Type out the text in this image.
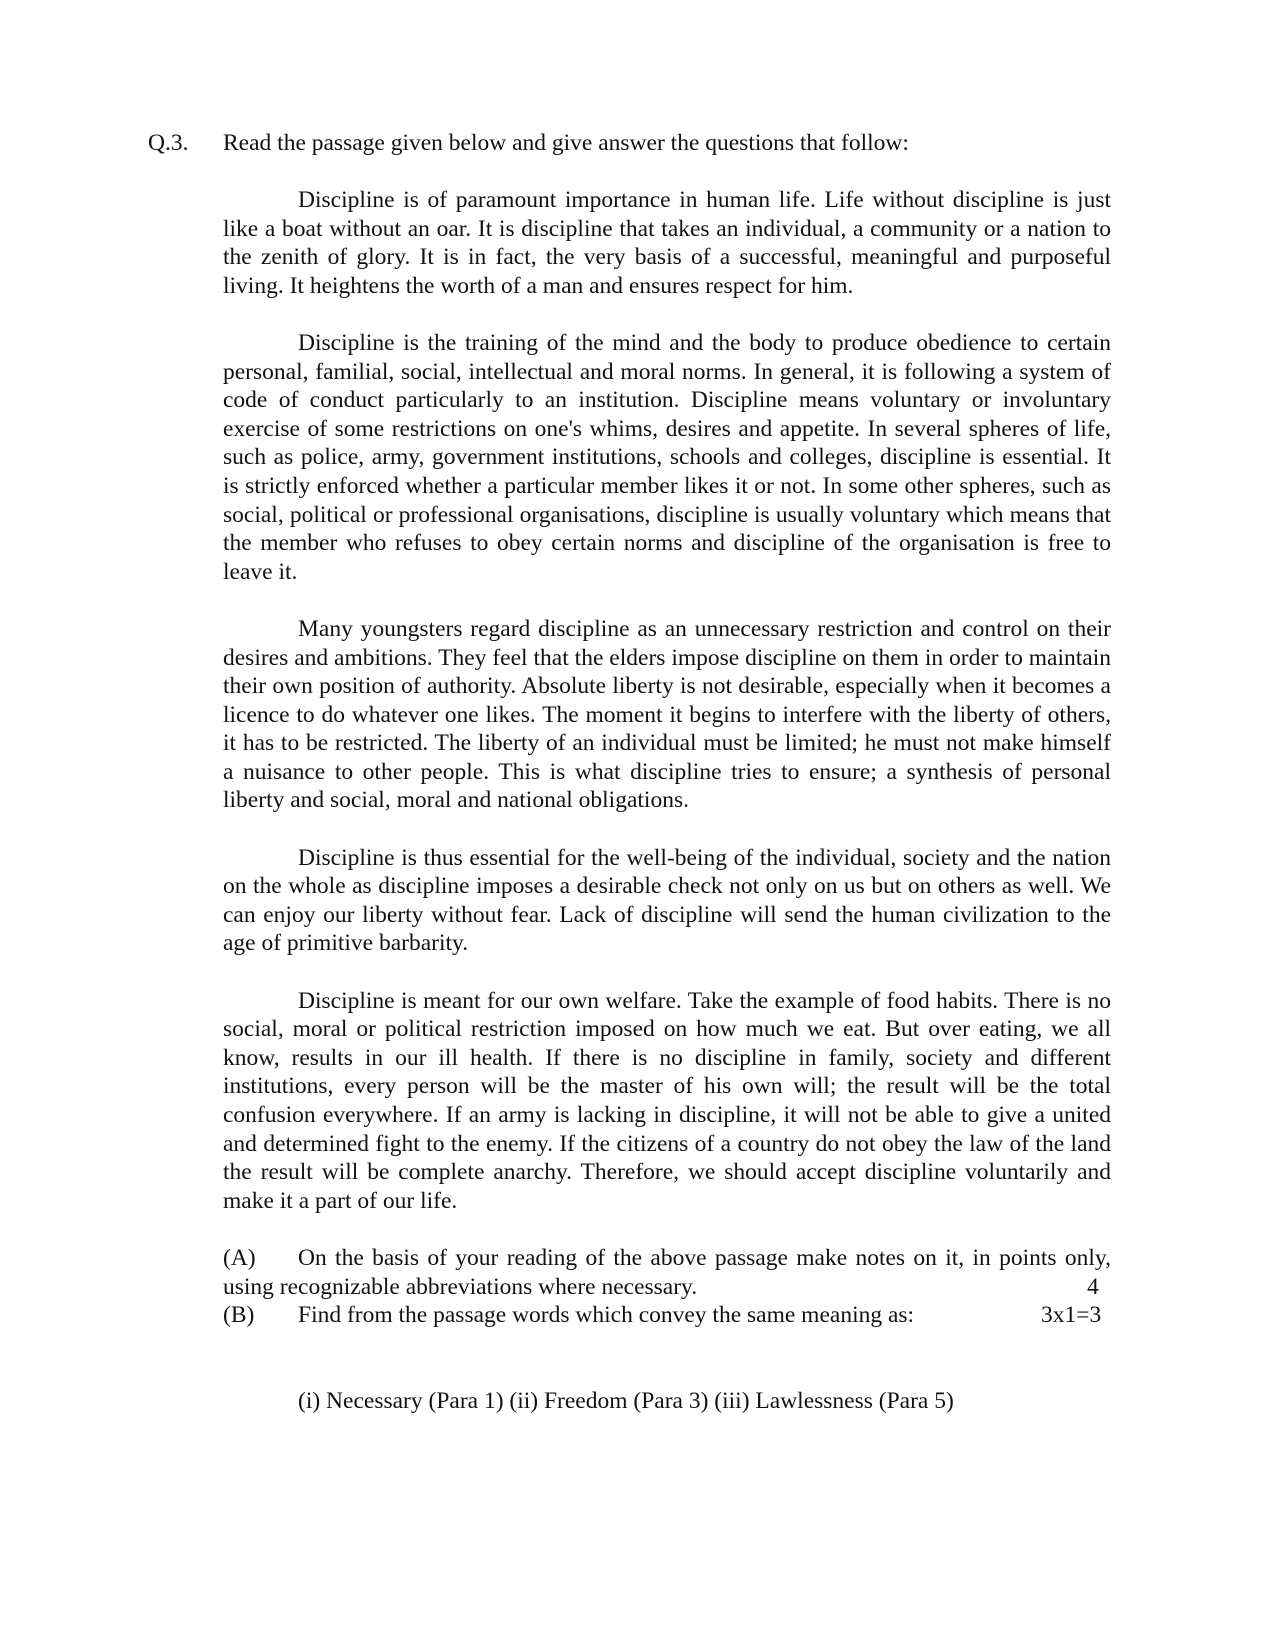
Q.3. Read the passage given below and give answer the questions that follow:

Discipline is of paramount importance in human life. Life without discipline is just like a boat without an oar. It is discipline that takes an individual, a community or a nation to the zenith of glory. It is in fact, the very basis of a successful, meaningful and purposeful living. It heightens the worth of a man and ensures respect for him.

Discipline is the training of the mind and the body to produce obedience to certain personal, familial, social, intellectual and moral norms. In general, it is following a system of code of conduct particularly to an institution. Discipline means voluntary or involuntary exercise of some restrictions on one's whims, desires and appetite. In several spheres of life, such as police, army, government institutions, schools and colleges, discipline is essential. It is strictly enforced whether a particular member likes it or not. In some other spheres, such as social, political or professional organisations, discipline is usually voluntary which means that the member who refuses to obey certain norms and discipline of the organisation is free to leave it.

Many youngsters regard discipline as an unnecessary restriction and control on their desires and ambitions. They feel that the elders impose discipline on them in order to maintain their own position of authority. Absolute liberty is not desirable, especially when it becomes a licence to do whatever one likes. The moment it begins to interfere with the liberty of others, it has to be restricted. The liberty of an individual must be limited; he must not make himself a nuisance to other people. This is what discipline tries to ensure; a synthesis of personal liberty and social, moral and national obligations.

Discipline is thus essential for the well-being of the individual, society and the nation on the whole as discipline imposes a desirable check not only on us but on others as well. We can enjoy our liberty without fear. Lack of discipline will send the human civilization to the age of primitive barbarity.

Discipline is meant for our own welfare. Take the example of food habits. There is no social, moral or political restriction imposed on how much we eat. But over eating, we all know, results in our ill health. If there is no discipline in family, society and different institutions, every person will be the master of his own will; the result will be the total confusion everywhere. If an army is lacking in discipline, it will not be able to give a united and determined fight to the enemy. If the citizens of a country do not obey the law of the land the result will be complete anarchy. Therefore, we should accept discipline voluntarily and make it a part of our life.

(A)	On the basis of your reading of the above passage make notes on it, in points only, using recognizable abbreviations where necessary.	4
(B) Find from the passage words which convey the same meaning as:	3x1=3

(i) Necessary (Para 1) (ii) Freedom (Para 3) (iii) Lawlessness (Para 5)
